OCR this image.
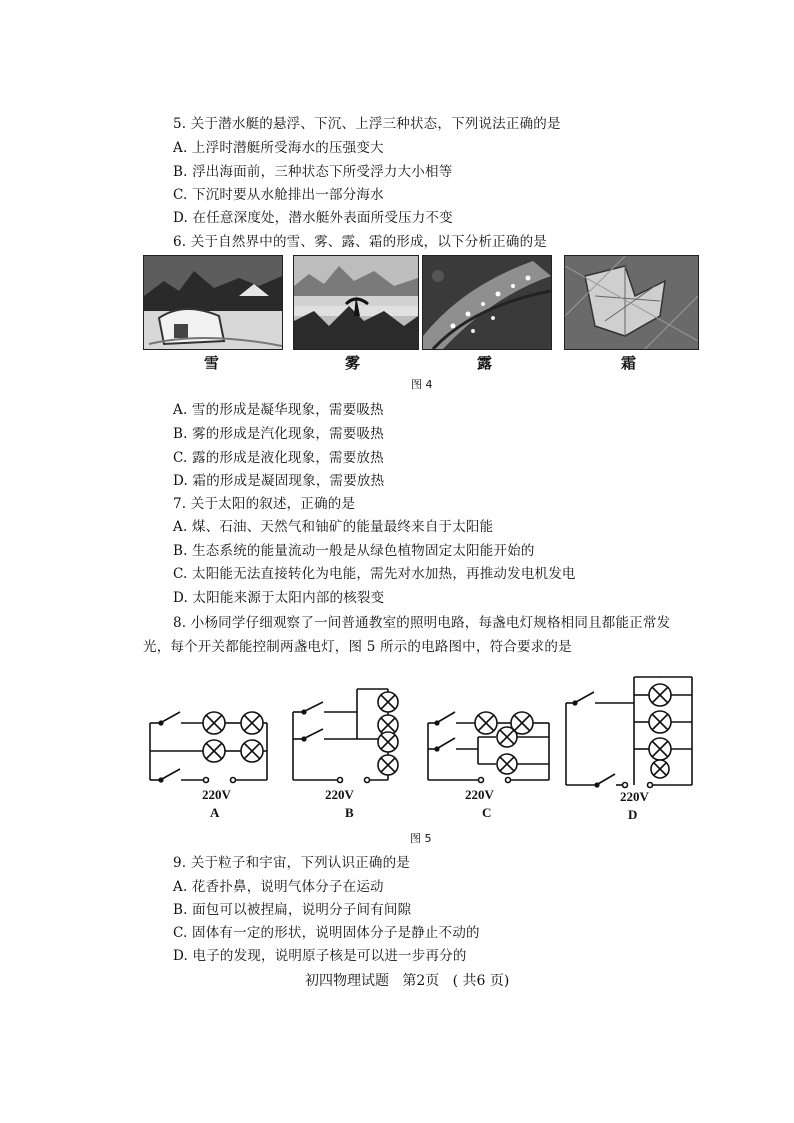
5. 关于潜水艇的悬浮、下沉、上浮三种状态，下列说法正确的是
A. 上浮时潜艇所受海水的压强变大
B. 浮出海面前，三种状态下所受浮力大小相等
C. 下沉时要从水舱排出一部分海水
D. 在任意深度处，潜水艇外表面所受压力不变
6. 关于自然界中的雪、雾、露、霜的形成，以下分析正确的是
雪	雾	露	霜
图 4
A. 雪的形成是凝华现象，需要吸热
B. 雾的形成是汽化现象，需要吸热
C. 露的形成是液化现象，需要放热
D. 霜的形成是凝固现象，需要放热
7. 关于太阳的叙述，正确的是
A. 煤、石油、天然气和铀矿的能量最终来自于太阳能
B. 生态系统的能量流动一般是从绿色植物固定太阳能开始的
C. 太阳能无法直接转化为电能，需先对水加热，再推动发电机发电
D. 太阳能来源于太阳内部的核裂变
8. 小杨同学仔细观察了一间普通教室的照明电路，每盏电灯规格相同且都能正常发
光，每个开关都能控制两盏电灯，图 5 所示的电路图中，符合要求的是
220V
A
220V
B
220V
C
220V
D
图 5
9. 关于粒子和宇宙，下列认识正确的是
A. 花香扑鼻，说明气体分子在运动
B. 面包可以被捏扁，说明分子间有间隙
C. 固体有一定的形状，说明固体分子是静止不动的
D. 电子的发现，说明原子核是可以进一步再分的
初四物理试题   第2页   ( 共6 页)
